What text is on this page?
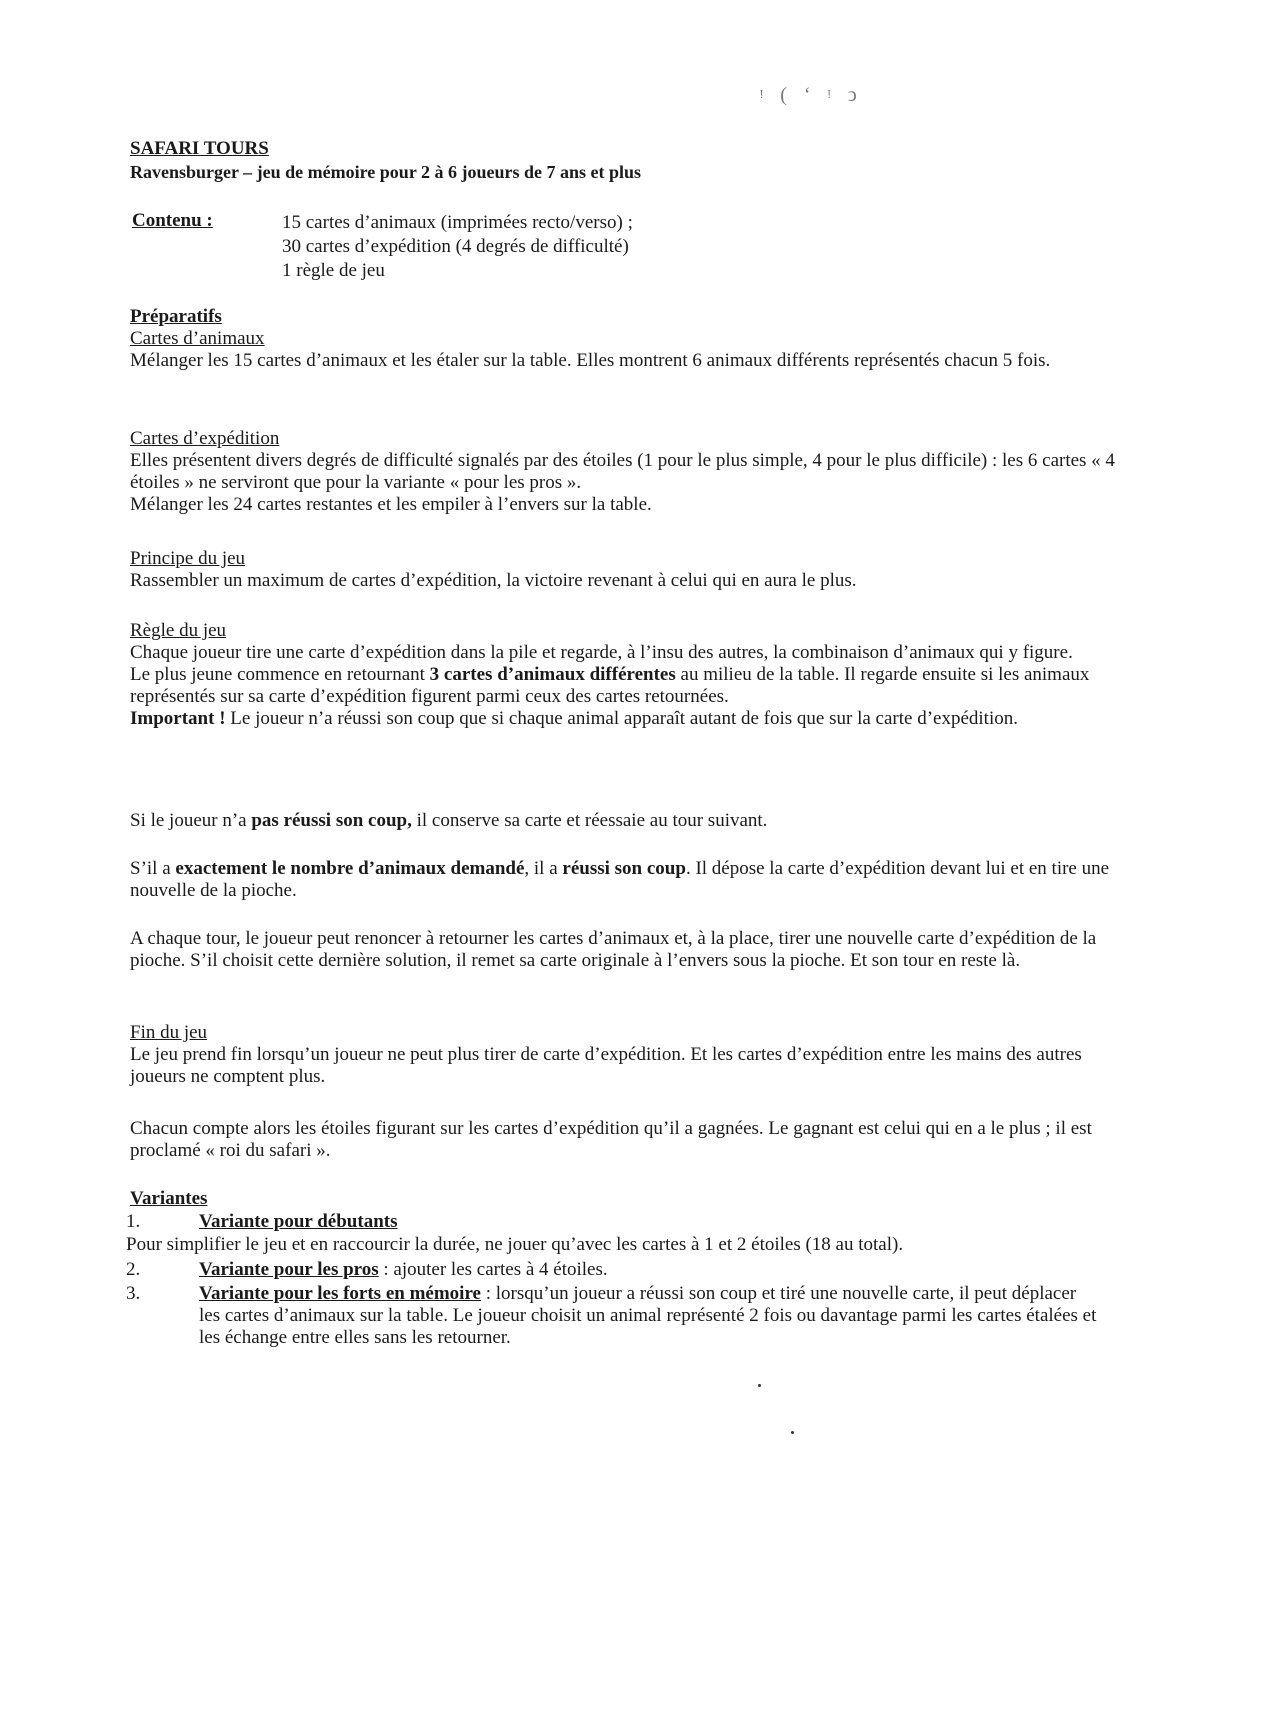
ᵎ ( ʻ ᵎ ↄ
SAFARI TOURS
Ravensburger – jeu de mémoire pour 2 à 6 joueurs de 7 ans et plus
Contenu :	15 cartes d’animaux (imprimées recto/verso) ;
30 cartes d’expédition (4 degrés de difficulté)
1 règle de jeu
Préparatifs
Cartes d’animaux

Mélanger les 15 cartes d’animaux et les étaler sur la table. Elles montrent 6 animaux différents représentés chacun 5 fois.

Cartes d’expédition

Elles présentent divers degrés de difficulté signalés par des étoiles (1 pour le plus simple, 4 pour le plus difficile) : les 6 cartes « 4 étoiles » ne serviront que pour la variante « pour les pros ».

Mélanger les 24 cartes restantes et les empiler à l’envers sur la table.

Principe du jeu

Rassembler un maximum de cartes d’expédition, la victoire revenant à celui qui en aura le plus.

Règle du jeu

Chaque joueur tire une carte d’expédition dans la pile et regarde, à l’insu des autres, la combinaison d’animaux qui y figure.

Le plus jeune commence en retournant 3 cartes d’animaux différentes au milieu de la table. Il regarde ensuite si les animaux représentés sur sa carte d’expédition figurent parmi ceux des cartes retournées.

Important ! Le joueur n’a réussi son coup que si chaque animal apparaît autant de fois que sur la carte d’expédition.

Si le joueur n’a pas réussi son coup, il conserve sa carte et réessaie au tour suivant.
S’il a exactement le nombre d’animaux demandé, il a réussi son coup. Il dépose la carte d’expédition devant lui et en tire une nouvelle de la pioche.
A chaque tour, le joueur peut renoncer à retourner les cartes d’animaux et, à la place, tirer une nouvelle carte d’expédition de la pioche. S’il choisit cette dernière solution, il remet sa carte originale à l’envers sous la pioche. Et son tour en reste là.
Fin du jeu

Le jeu prend fin lorsqu’un joueur ne peut plus tirer de carte d’expédition. Et les cartes d’expédition entre les mains des autres joueurs ne comptent plus.

Chacun compte alors les étoiles figurant sur les cartes d’expédition qu’il a gagnées. Le gagnant est celui qui en a le plus ; il est proclamé « roi du safari ».
Variantes
1.	Variante pour débutants
Pour simplifier le jeu et en raccourcir la durée, ne jouer qu’avec les cartes à 1 et 2 étoiles (18 au total).
2.	Variante pour les pros : ajouter les cartes à 4 étoiles.
3.	Variante pour les forts en mémoire : lorsqu’un joueur a réussi son coup et tiré une nouvelle carte, il peut déplacer les cartes d’animaux sur la table. Le joueur choisit un animal représenté 2 fois ou davantage parmi les cartes étalées et les échange entre elles sans les retourner.
